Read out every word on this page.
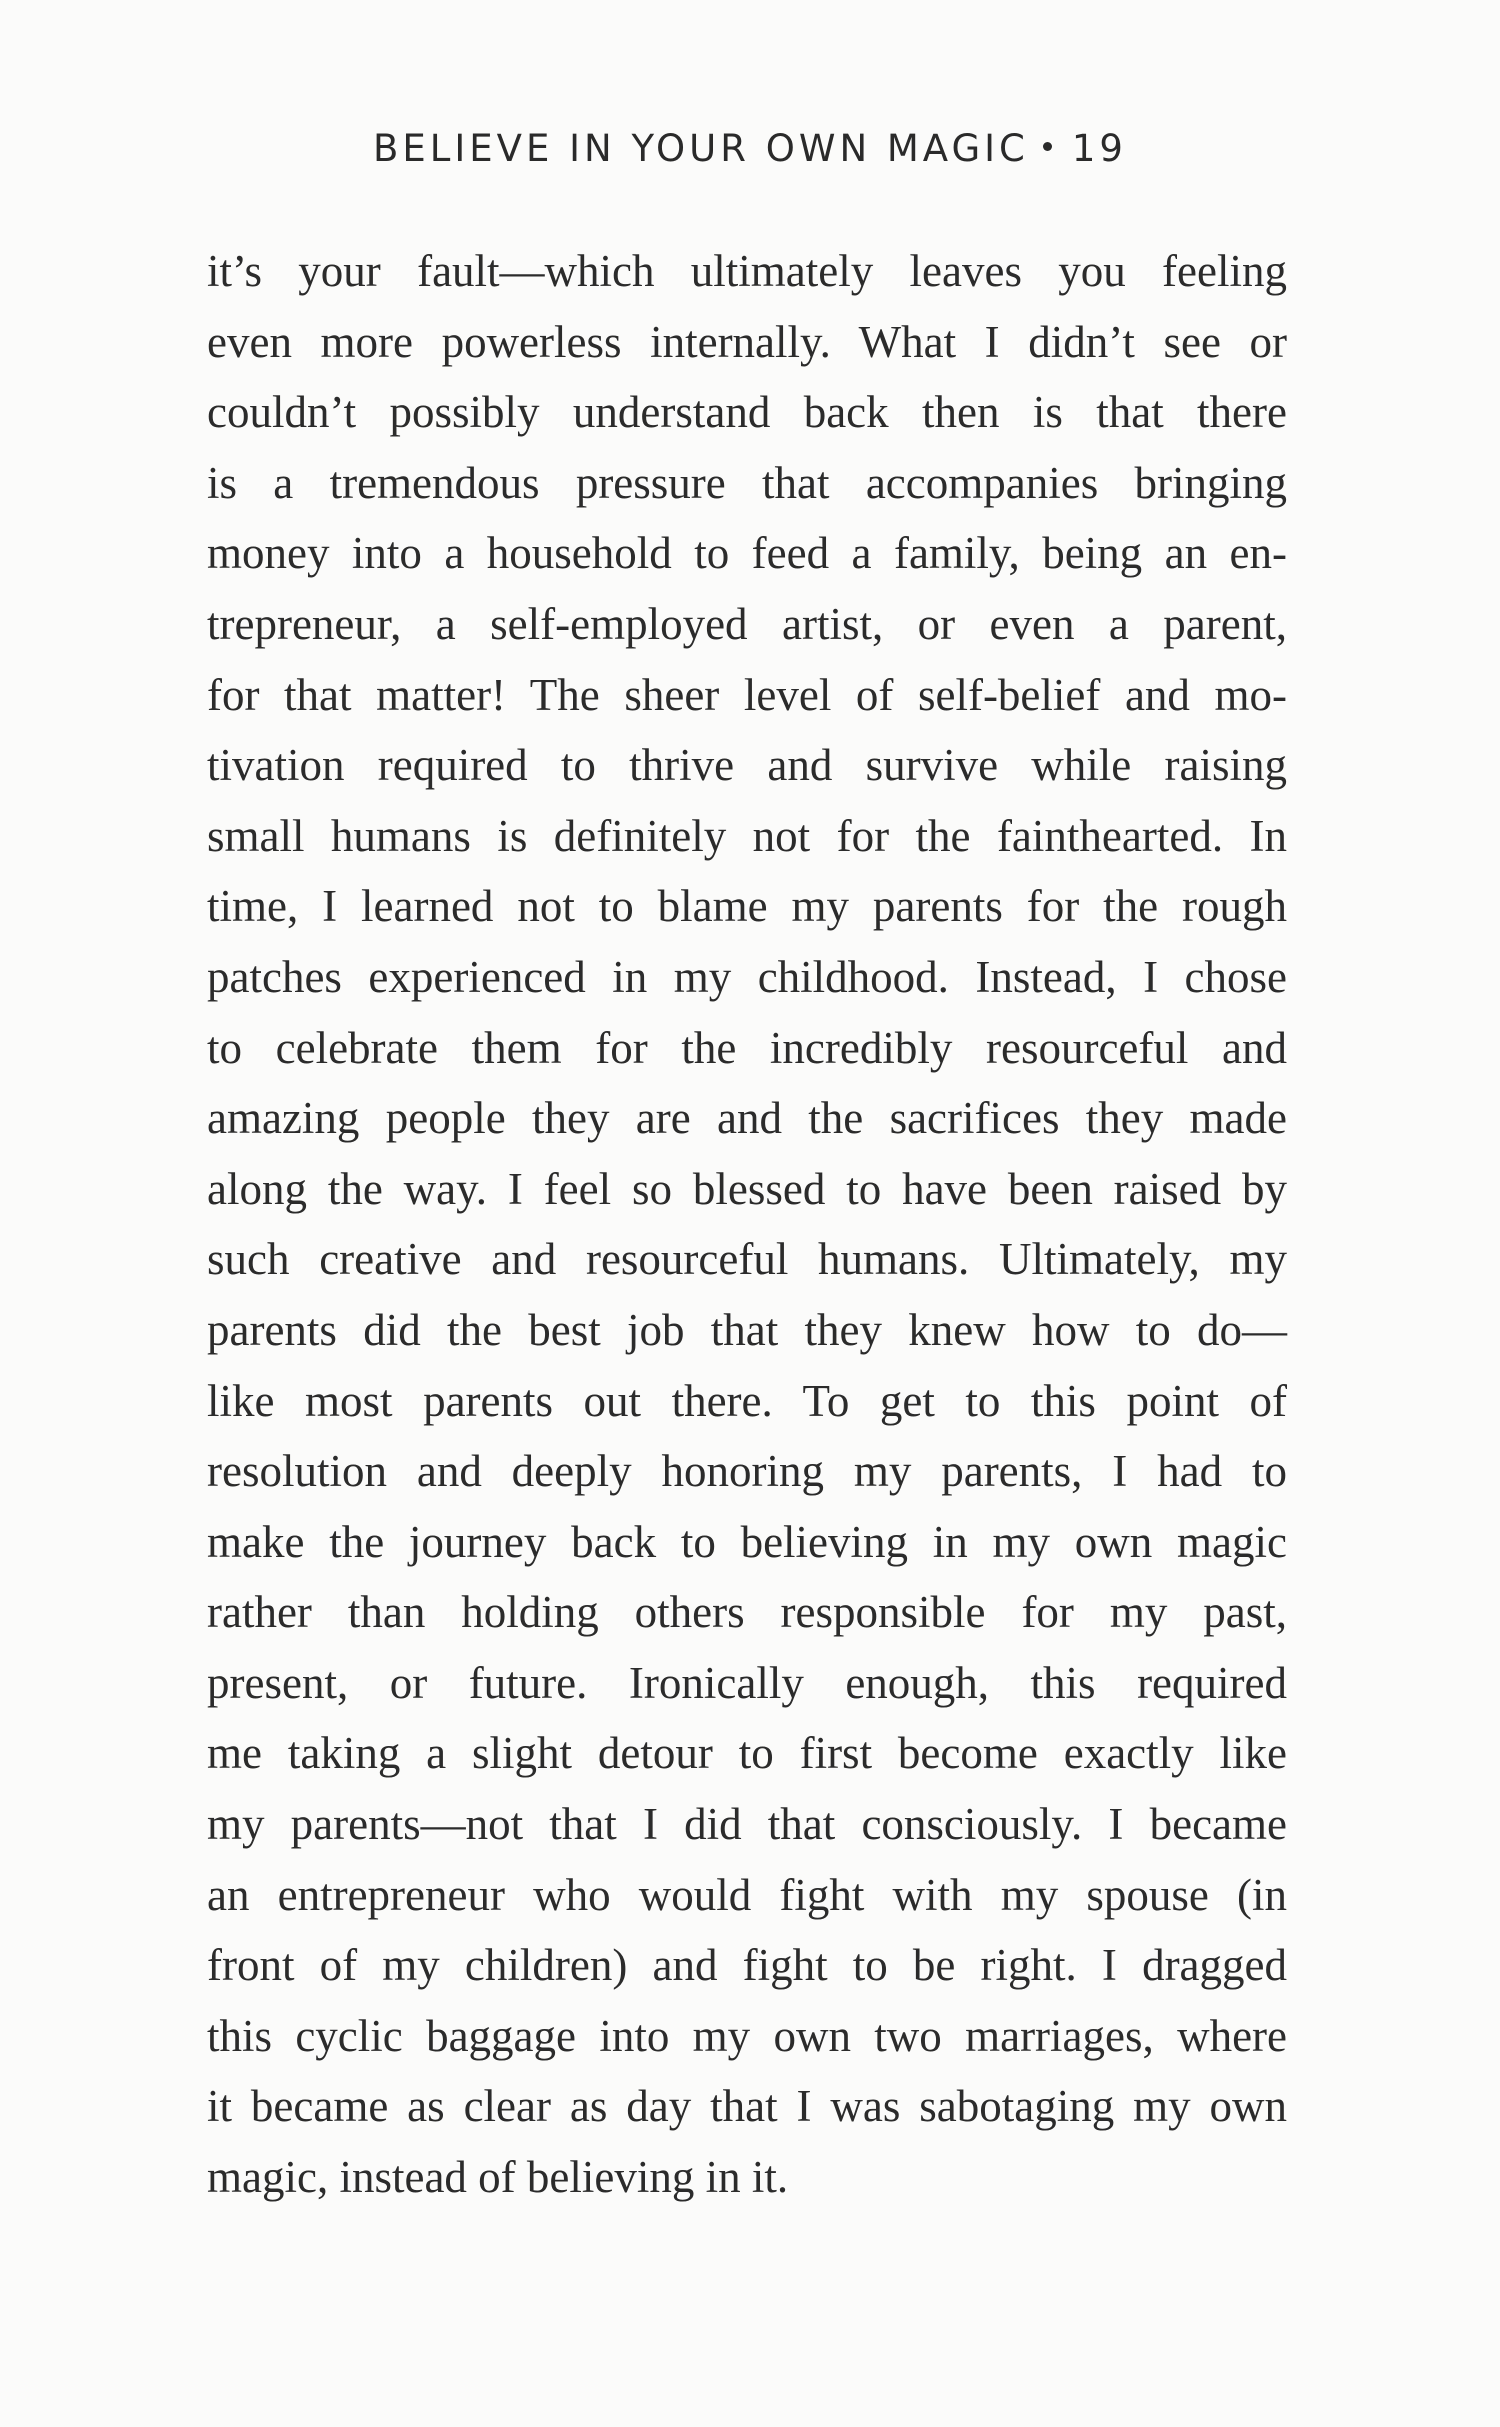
BELIEVE IN YOUR OWN MAGIC 19
it’s your fault—which ultimately leaves you feeling
even more powerless internally. What I didn’t see or
couldn’t possibly understand back then is that there
is a tremendous pressure that accompanies bringing
money into a household to feed a family, being an en-
trepreneur, a self-employed artist, or even a parent,
for that matter! The sheer level of self-belief and mo-
tivation required to thrive and survive while raising
small humans is definitely not for the fainthearted. In
time, I learned not to blame my parents for the rough
patches experienced in my childhood. Instead, I chose
to celebrate them for the incredibly resourceful and
amazing people they are and the sacrifices they made
along the way. I feel so blessed to have been raised by
such creative and resourceful humans. Ultimately, my
parents did the best job that they knew how to do—
like most parents out there. To get to this point of
resolution and deeply honoring my parents, I had to
make the journey back to believing in my own magic
rather than holding others responsible for my past,
present, or future. Ironically enough, this required
me taking a slight detour to first become exactly like
my parents—not that I did that consciously. I became
an entrepreneur who would fight with my spouse (in
front of my children) and fight to be right. I dragged
this cyclic baggage into my own two marriages, where
it became as clear as day that I was sabotaging my own
magic, instead of believing in it.
